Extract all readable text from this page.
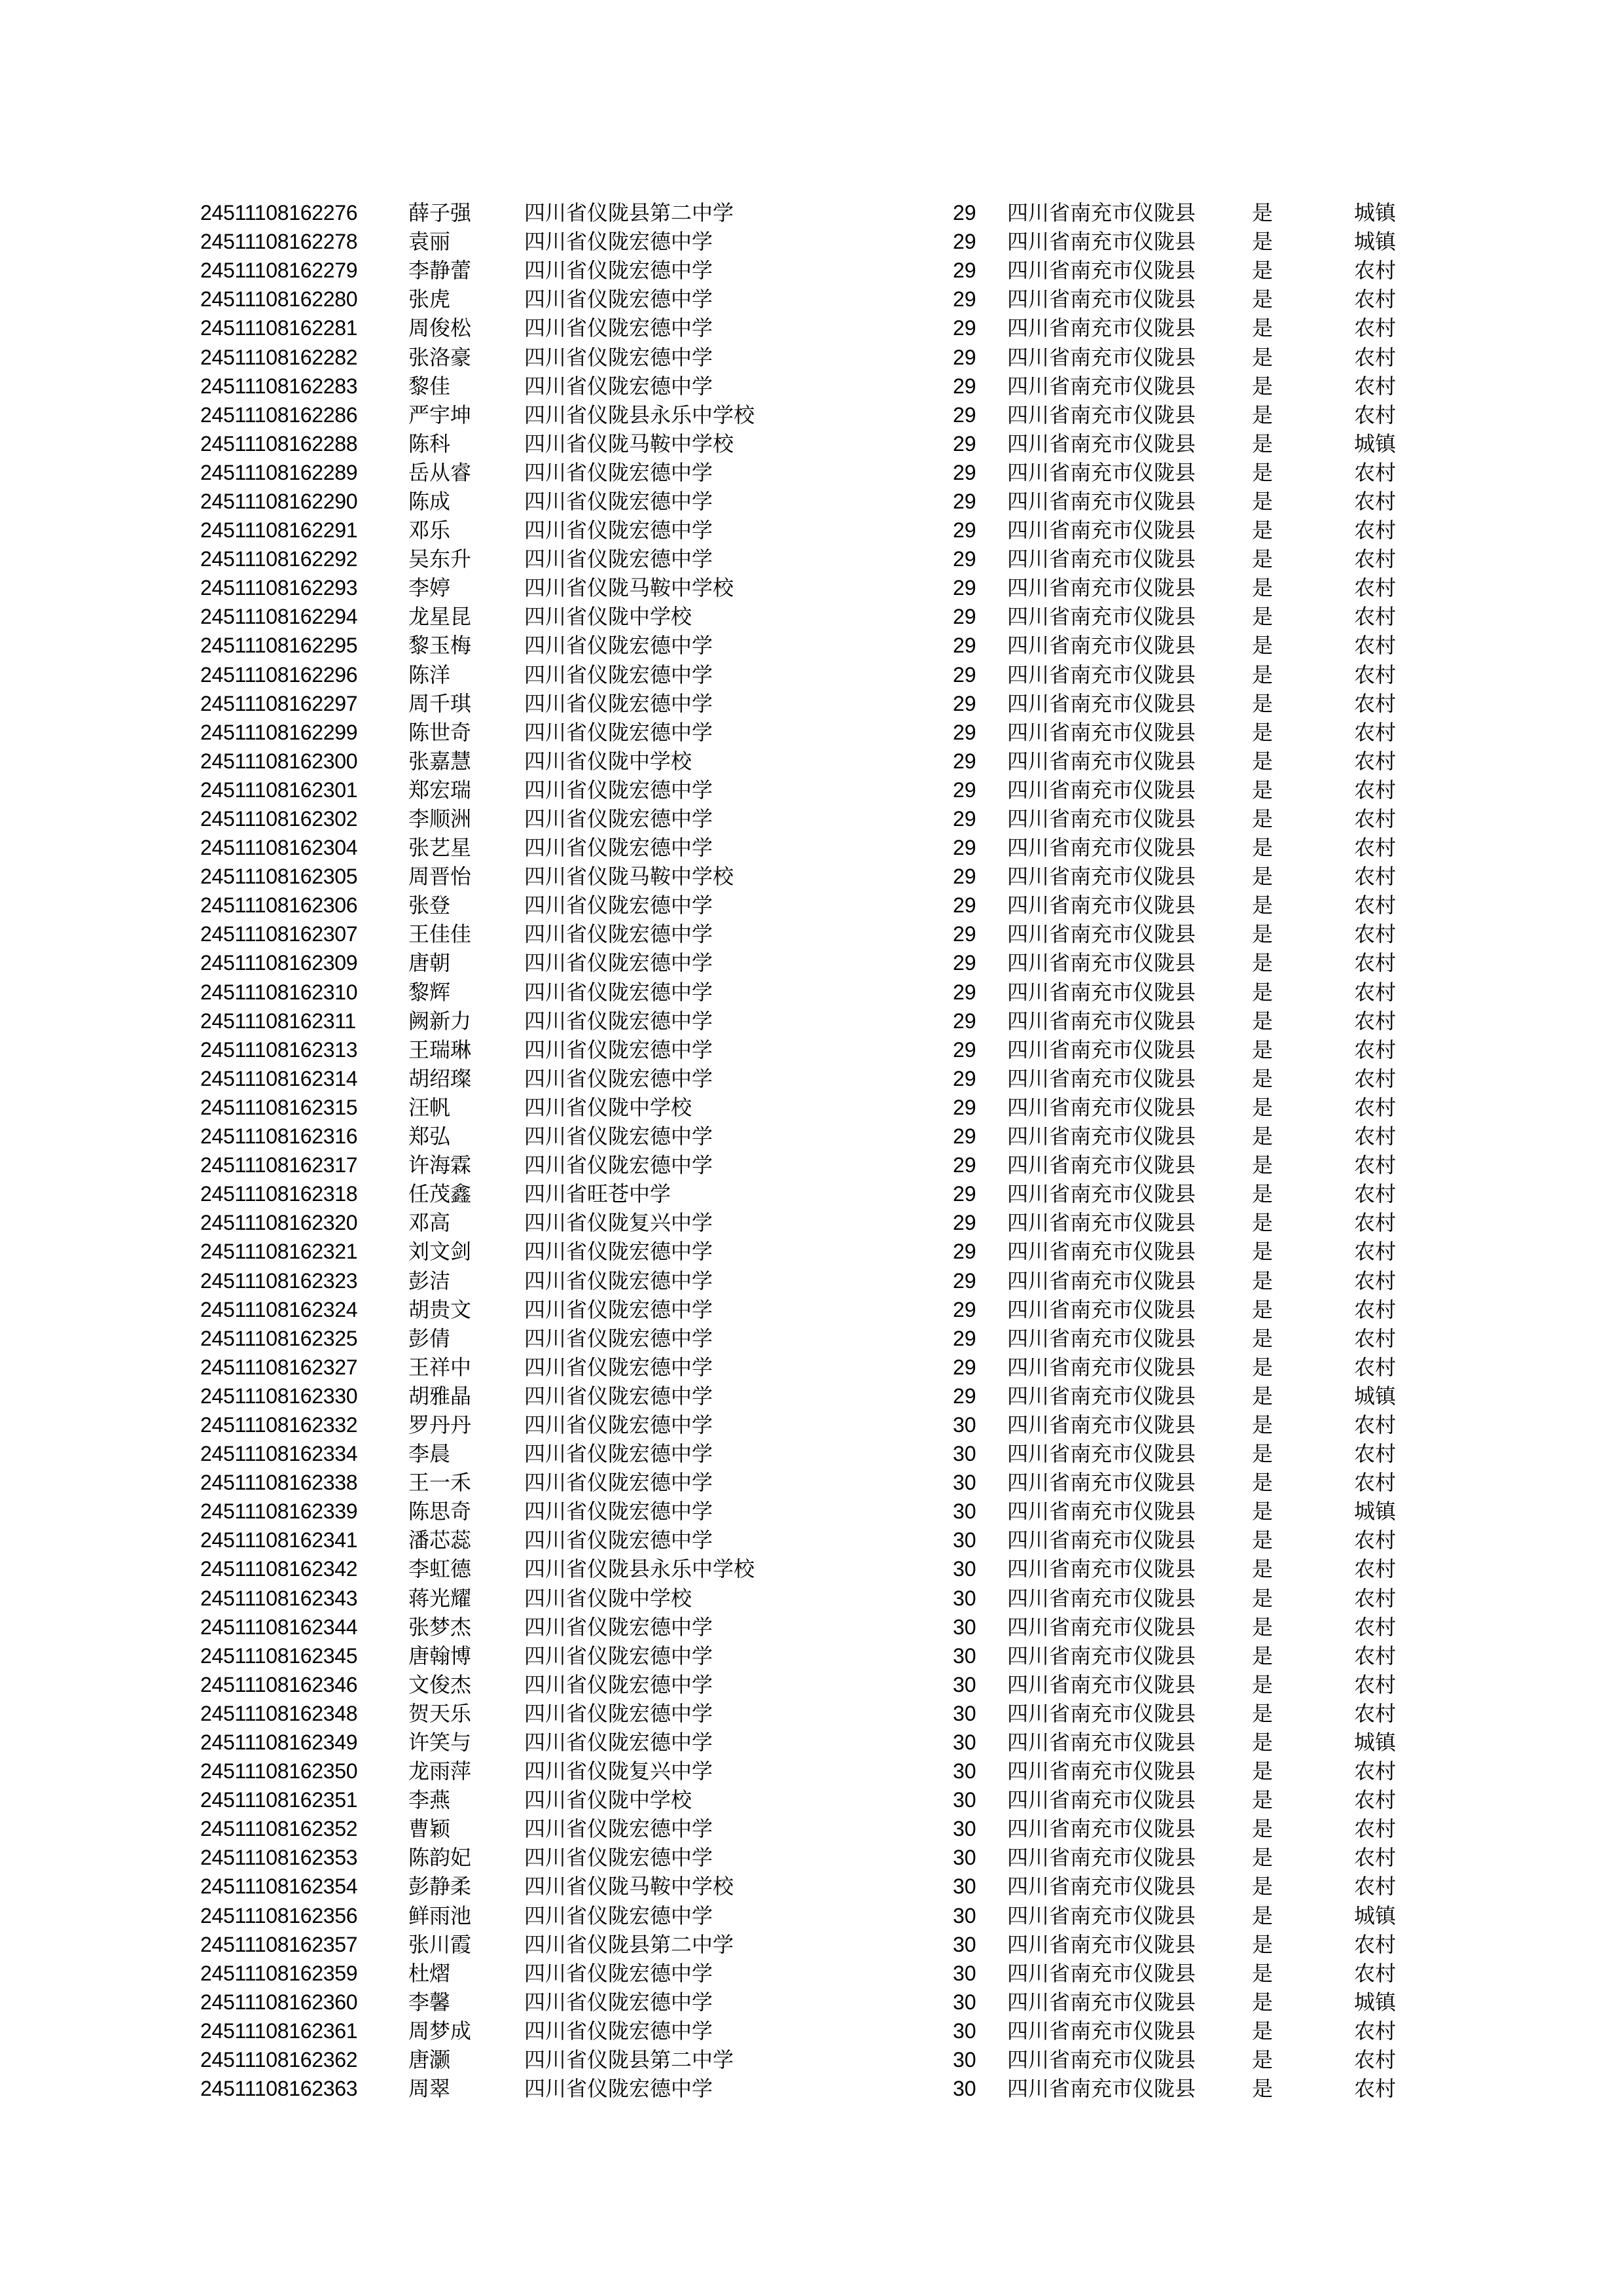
24511108162276	薛子强	四川省仪陇县第二中学	29	四川省南充市仪陇县	是	城镇
24511108162278	袁丽	四川省仪陇宏德中学	29	四川省南充市仪陇县	是	城镇
24511108162279	李静蕾	四川省仪陇宏德中学	29	四川省南充市仪陇县	是	农村
24511108162280	张虎	四川省仪陇宏德中学	29	四川省南充市仪陇县	是	农村
24511108162281	周俊松	四川省仪陇宏德中学	29	四川省南充市仪陇县	是	农村
24511108162282	张洛豪	四川省仪陇宏德中学	29	四川省南充市仪陇县	是	农村
24511108162283	黎佳	四川省仪陇宏德中学	29	四川省南充市仪陇县	是	农村
24511108162286	严宇坤	四川省仪陇县永乐中学校	29	四川省南充市仪陇县	是	农村
24511108162288	陈科	四川省仪陇马鞍中学校	29	四川省南充市仪陇县	是	城镇
24511108162289	岳从睿	四川省仪陇宏德中学	29	四川省南充市仪陇县	是	农村
24511108162290	陈成	四川省仪陇宏德中学	29	四川省南充市仪陇县	是	农村
24511108162291	邓乐	四川省仪陇宏德中学	29	四川省南充市仪陇县	是	农村
24511108162292	吴东升	四川省仪陇宏德中学	29	四川省南充市仪陇县	是	农村
24511108162293	李婷	四川省仪陇马鞍中学校	29	四川省南充市仪陇县	是	农村
24511108162294	龙星昆	四川省仪陇中学校	29	四川省南充市仪陇县	是	农村
24511108162295	黎玉梅	四川省仪陇宏德中学	29	四川省南充市仪陇县	是	农村
24511108162296	陈洋	四川省仪陇宏德中学	29	四川省南充市仪陇县	是	农村
24511108162297	周千琪	四川省仪陇宏德中学	29	四川省南充市仪陇县	是	农村
24511108162299	陈世奇	四川省仪陇宏德中学	29	四川省南充市仪陇县	是	农村
24511108162300	张嘉慧	四川省仪陇中学校	29	四川省南充市仪陇县	是	农村
24511108162301	郑宏瑞	四川省仪陇宏德中学	29	四川省南充市仪陇县	是	农村
24511108162302	李顺洲	四川省仪陇宏德中学	29	四川省南充市仪陇县	是	农村
24511108162304	张艺星	四川省仪陇宏德中学	29	四川省南充市仪陇县	是	农村
24511108162305	周晋怡	四川省仪陇马鞍中学校	29	四川省南充市仪陇县	是	农村
24511108162306	张登	四川省仪陇宏德中学	29	四川省南充市仪陇县	是	农村
24511108162307	王佳佳	四川省仪陇宏德中学	29	四川省南充市仪陇县	是	农村
24511108162309	唐朝	四川省仪陇宏德中学	29	四川省南充市仪陇县	是	农村
24511108162310	黎辉	四川省仪陇宏德中学	29	四川省南充市仪陇县	是	农村
24511108162311	阙新力	四川省仪陇宏德中学	29	四川省南充市仪陇县	是	农村
24511108162313	王瑞琳	四川省仪陇宏德中学	29	四川省南充市仪陇县	是	农村
24511108162314	胡绍璨	四川省仪陇宏德中学	29	四川省南充市仪陇县	是	农村
24511108162315	汪帆	四川省仪陇中学校	29	四川省南充市仪陇县	是	农村
24511108162316	郑弘	四川省仪陇宏德中学	29	四川省南充市仪陇县	是	农村
24511108162317	许海霖	四川省仪陇宏德中学	29	四川省南充市仪陇县	是	农村
24511108162318	任茂鑫	四川省旺苍中学	29	四川省南充市仪陇县	是	农村
24511108162320	邓高	四川省仪陇复兴中学	29	四川省南充市仪陇县	是	农村
24511108162321	刘文剑	四川省仪陇宏德中学	29	四川省南充市仪陇县	是	农村
24511108162323	彭洁	四川省仪陇宏德中学	29	四川省南充市仪陇县	是	农村
24511108162324	胡贵文	四川省仪陇宏德中学	29	四川省南充市仪陇县	是	农村
24511108162325	彭倩	四川省仪陇宏德中学	29	四川省南充市仪陇县	是	农村
24511108162327	王祥中	四川省仪陇宏德中学	29	四川省南充市仪陇县	是	农村
24511108162330	胡雅晶	四川省仪陇宏德中学	29	四川省南充市仪陇县	是	城镇
24511108162332	罗丹丹	四川省仪陇宏德中学	30	四川省南充市仪陇县	是	农村
24511108162334	李晨	四川省仪陇宏德中学	30	四川省南充市仪陇县	是	农村
24511108162338	王一禾	四川省仪陇宏德中学	30	四川省南充市仪陇县	是	农村
24511108162339	陈思奇	四川省仪陇宏德中学	30	四川省南充市仪陇县	是	城镇
24511108162341	潘芯蕊	四川省仪陇宏德中学	30	四川省南充市仪陇县	是	农村
24511108162342	李虹德	四川省仪陇县永乐中学校	30	四川省南充市仪陇县	是	农村
24511108162343	蒋光耀	四川省仪陇中学校	30	四川省南充市仪陇县	是	农村
24511108162344	张梦杰	四川省仪陇宏德中学	30	四川省南充市仪陇县	是	农村
24511108162345	唐翰博	四川省仪陇宏德中学	30	四川省南充市仪陇县	是	农村
24511108162346	文俊杰	四川省仪陇宏德中学	30	四川省南充市仪陇县	是	农村
24511108162348	贺天乐	四川省仪陇宏德中学	30	四川省南充市仪陇县	是	农村
24511108162349	许笑与	四川省仪陇宏德中学	30	四川省南充市仪陇县	是	城镇
24511108162350	龙雨萍	四川省仪陇复兴中学	30	四川省南充市仪陇县	是	农村
24511108162351	李燕	四川省仪陇中学校	30	四川省南充市仪陇县	是	农村
24511108162352	曹颖	四川省仪陇宏德中学	30	四川省南充市仪陇县	是	农村
24511108162353	陈韵妃	四川省仪陇宏德中学	30	四川省南充市仪陇县	是	农村
24511108162354	彭静柔	四川省仪陇马鞍中学校	30	四川省南充市仪陇县	是	农村
24511108162356	鲜雨池	四川省仪陇宏德中学	30	四川省南充市仪陇县	是	城镇
24511108162357	张川霞	四川省仪陇县第二中学	30	四川省南充市仪陇县	是	农村
24511108162359	杜熠	四川省仪陇宏德中学	30	四川省南充市仪陇县	是	农村
24511108162360	李馨	四川省仪陇宏德中学	30	四川省南充市仪陇县	是	城镇
24511108162361	周梦成	四川省仪陇宏德中学	30	四川省南充市仪陇县	是	农村
24511108162362	唐灏	四川省仪陇县第二中学	30	四川省南充市仪陇县	是	农村
24511108162363	周翠	四川省仪陇宏德中学	30	四川省南充市仪陇县	是	农村
